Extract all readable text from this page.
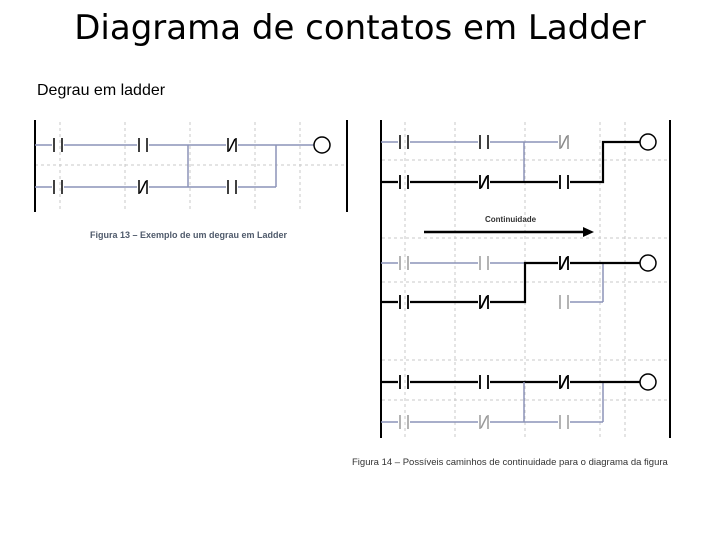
Diagrama de contatos em Ladder
Degrau em ladder
Figura 13 – Exemplo de um degrau em Ladder
Continuidade
Figura 14 – Possíveis caminhos de continuidade para o diagrama da figura
